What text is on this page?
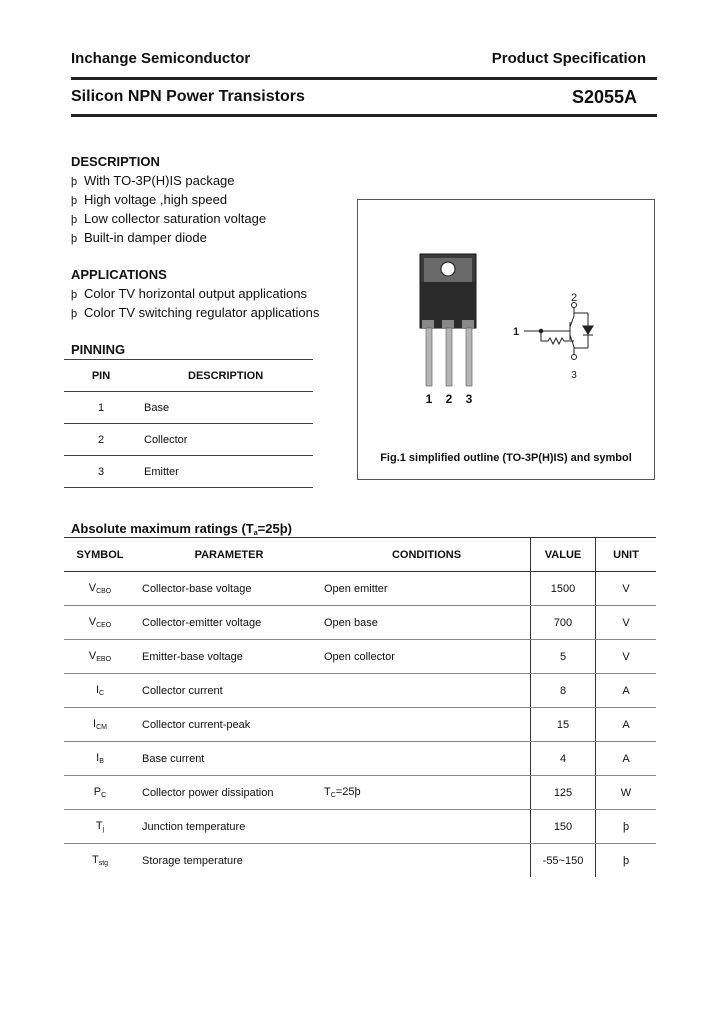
Inchange Semiconductor	Product Specification
Silicon NPN Power Transistors	S2055A
DESCRIPTION
þ With TO-3P(H)IS package
þ High voltage ,high speed
þ Low collector saturation voltage
þ Built-in damper diode
APPLICATIONS
þ Color TV horizontal output applications
þ Color TV switching regulator applications
PINNING
PIN	DESCRIPTION
1	Base
2	Collector
3	Emitter
2
1
3
1 2 3
Fig.1 simplified outline (TO-3P(H)IS) and symbol
Absolute maximum ratings $(T_a=25þ)$
SYMBOL	PARAMETER	CONDITIONS	VALUE	UNIT
$V_{CBO}$	Collector-base voltage	Open emitter	1500	V
$V_{CEO}$	Collector-emitter voltage	Open base	700	V
$V_{EBO}$	Emitter-base voltage	Open collector	5	V
$I_C$	Collector current		8	A
$I_{CM}$	Collector current-peak		15	A
$I_B$	Base current		4	A
$P_C$	Collector power dissipation	$T_C=25þ$	125	W
$T_j$	Junction temperature		150	þ
$T_{stg}$	Storage temperature		-55~150	þ
